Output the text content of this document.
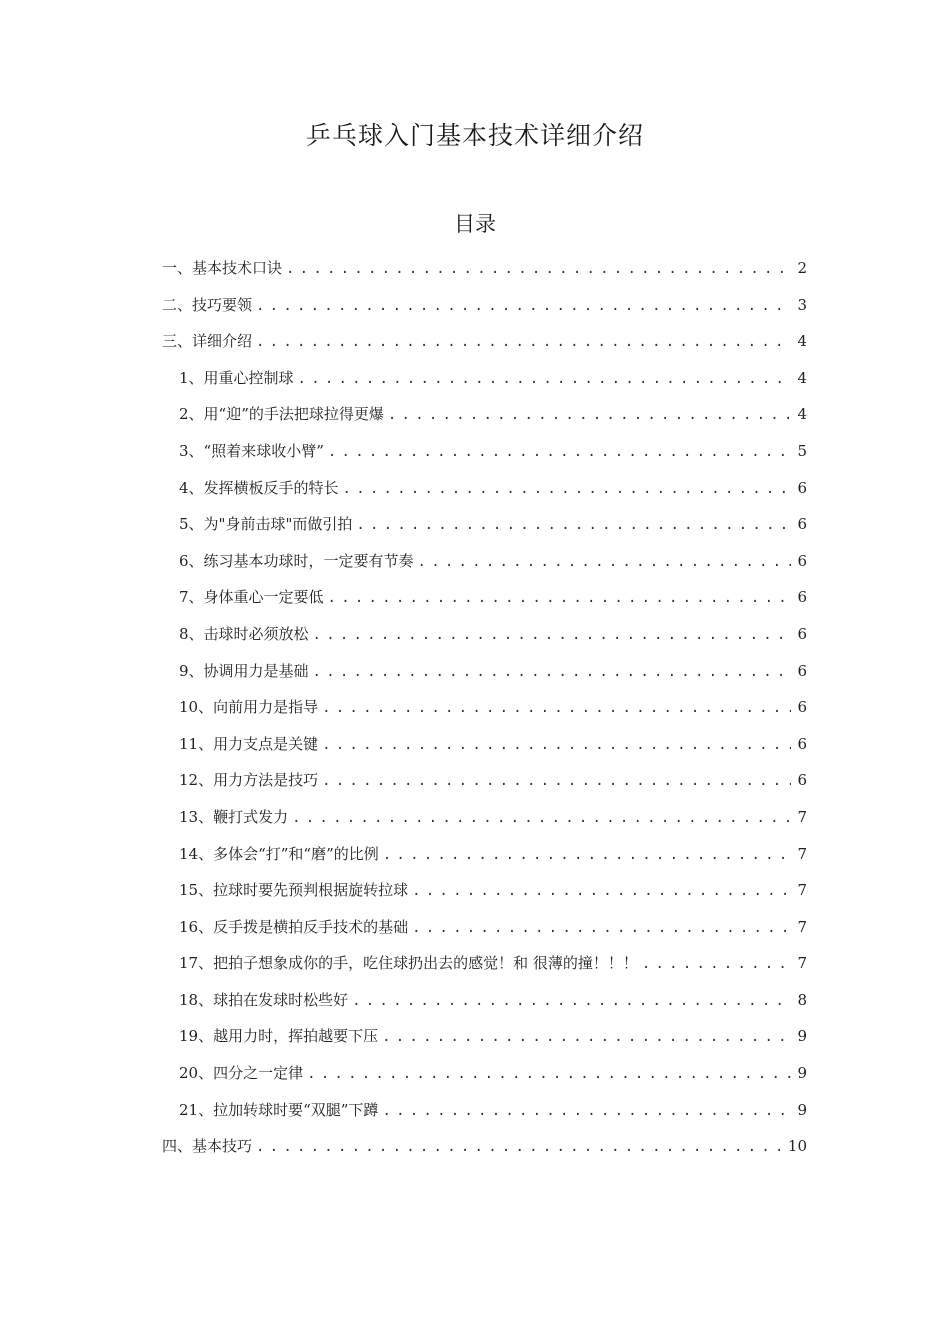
乒乓球入门基本技术详细介绍
目录
一、基本技术口诀 . . .	2
二、技巧要领 . . .	3
三、详细介绍 . . .	4
1、用重心控制球 . . .	4
2、用“迎”的手法把球拉得更爆 . . .	4
3、“照着来球收小臂” . . .	5
4、发挥横板反手的特长 . . .	6
5、为"身前击球"而做引拍 . . .	6
6、练习基本功球时，一定要有节奏 . . .	6
7、身体重心一定要低 . . .	6
8、击球时必须放松 . . .	6
9、协调用力是基础 . . .	6
10、向前用力是指导 . . .	6
11、用力支点是关键 . . .	6
12、用力方法是技巧 . . .	6
13、鞭打式发力 . . .	7
14、多体会“打”和“磨”的比例 . . .	7
15、拉球时要先预判根据旋转拉球 . . .	7
16、反手拨是横拍反手技术的基础 . . .	7
17、把拍子想象成你的手，吃住球扔出去的感觉！和 很薄的撞！！！ . . .	7
18、球拍在发球时松些好 . . .	8
19、越用力时，挥拍越要下压 . . .	9
20、四分之一定律 . . .	9
21、拉加转球时要“双腿”下蹲 . . .	9
四、基本技巧 . . .	10
